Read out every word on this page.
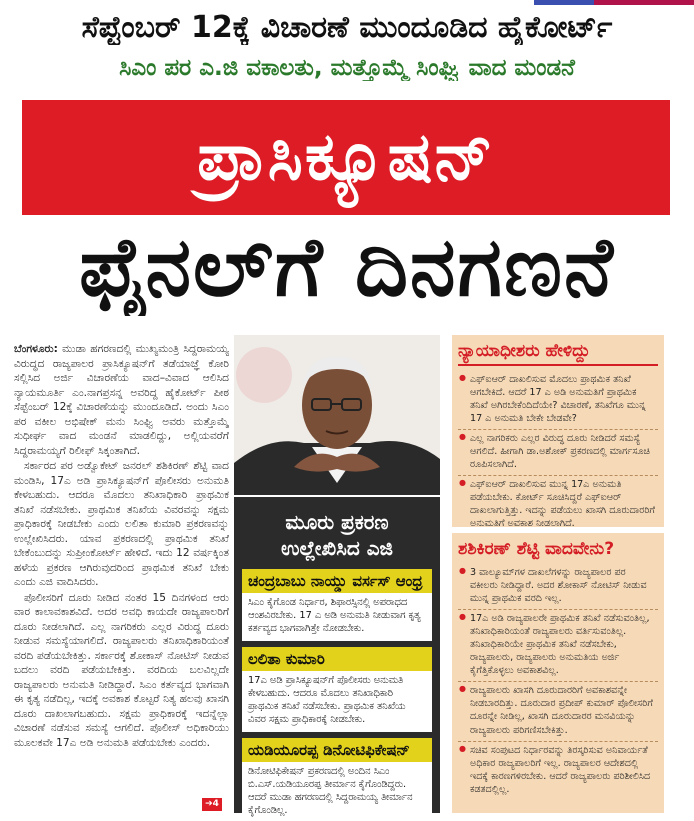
ಸೆಪ್ಟೆಂಬರ್ 12ಕ್ಕೆ ವಿಚಾರಣೆ ಮುಂದೂಡಿದ ಹೈಕೋರ್ಟ್
ಸಿಎಂ ಪರ ಎ.ಜಿ ವಕಾಲತು, ಮತ್ತೊಮ್ಮೆ ಸಿಂಘ್ವಿ ವಾದ ಮಂಡನೆ
ಪ್ರಾಸಿಕ್ಯೂಷನ್
ಫೈನಲ್‌ಗೆ ದಿನಗಣನೆ

ಬೆಂಗಳೂರು: ಮುಡಾ ಹಗರಣದಲ್ಲಿ ಮುಖ್ಯಮಂತ್ರಿ ಸಿದ್ದರಾಮಯ್ಯ ವಿರುದ್ಧದ ರಾಜ್ಯಪಾಲರ ಪ್ರಾಸಿಕ್ಯೂಷನ್‌ಗೆ ತಡೆಯಾಜ್ಞೆ ಕೋರಿ ಸಲ್ಲಿಸಿದ ಅರ್ಜಿ ವಿಚಾರಣೆಯ ವಾದ–ವಿವಾದ ಆಲಿಸಿದ ನ್ಯಾಯಮೂರ್ತಿ ಎಂ.ನಾಗಪ್ರಸನ್ನ ಅವರಿದ್ದ ಹೈಕೋರ್ಟ್ ಪೀಠ ಸೆಪ್ಟೆಂಬರ್ 12ಕ್ಕೆ ವಿಚಾರಣೆಯನ್ನು ಮುಂದೂಡಿದೆ. ಅಂದು ಸಿಎಂ ಪರ ವಕೀಲ ಅಭಿಷೇಕ್ ಮನು ಸಿಂಘ್ವಿ ಅವರು ಮತ್ತೊಮ್ಮೆ ಸುಧೀರ್ಘ ವಾದ ಮಂಡನೆ ಮಾಡಲಿದ್ದು, ಅಲ್ಲಿಯವರೆಗೆ ಸಿದ್ದರಾಮಯ್ಯಗೆ ರಿಲೀಫ್ ಸಿಕ್ಕಂತಾಗಿದೆ.

ಸರ್ಕಾರದ ಪರ ಅಡ್ವೊಕೇಟ್ ಜನರಲ್ ಶಶಿಕಿರಣ್ ಶೆಟ್ಟಿ ವಾದ ಮಂಡಿಸಿ, 17ಎ ಅಡಿ ಪ್ರಾಸಿಕ್ಯೂಷನ್‌ಗೆ ಪೊಲೀಸರು ಅನುಮತಿ ಕೇಳಬಹುದು. ಆದರೂ ಮೊದಲು ತನಿಖಾಧಿಕಾರಿ ಪ್ರಾಥಮಿಕ ತನಿಖೆ ನಡೆಸಬೇಕು. ಪ್ರಾಥಮಿಕ ತನಿಖೆಯ ವಿವರವನ್ನು ಸಕ್ಷಮ ಪ್ರಾಧಿಕಾರಕ್ಕೆ ನೀಡಬೇಕು ಎಂದು ಲಲಿತಾ ಕುಮಾರಿ ಪ್ರಕರಣವನ್ನು ಉಲ್ಲೇಖಿಸಿದರು. ಯಾವ ಪ್ರಕರಣದಲ್ಲಿ ಪ್ರಾಥಮಿಕ ತನಿಖೆ ಬೇಕೆಂಬುದನ್ನು ಸುಪ್ರೀಂಕೋರ್ಟ್ ಹೇಳಿದೆ. ಇದು 12 ವರ್ಷಕ್ಕಿಂತ ಹಳೆಯ ಪ್ರಕರಣ ಆಗಿರುವುದರಿಂದ ಪ್ರಾಥಮಿಕ ತನಿಖೆ ಬೇಕು ಎಂದು ಎಜಿ ವಾದಿಸಿದರು.

ಪೊಲೀಸರಿಗೆ ದೂರು ನೀಡಿದ ನಂತರ 15 ದಿನಗಳಂದ ಆರು ವಾರ ಕಾಲಾವಕಾಶವಿದೆ. ಅದರ ಅವಧಿ ಕಾಯದೇ ರಾಜ್ಯಪಾಲರಿಗೆ ದೂರು ನೀಡಲಾಗಿದೆ. ಎಲ್ಲ ನಾಗರಿಕರು ಎಲ್ಲರ ವಿರುದ್ಧ ದೂರು ನೀಡುವ ಸಮಸ್ಯೆಯಾಗಲಿದೆ. ರಾಜ್ಯಪಾಲರು ತನಿಖಾಧಿಕಾರಿಯಂತೆ ವರದಿ ಪಡೆಯಬೇಕಿತ್ತು. ಸರ್ಕಾರಕ್ಕೆ ಶೋಕಾಸ್ ನೋಟಿಸ್ ನೀಡುವ ಬದಲು ವರದಿ ಪಡೆಯಬೇಕಿತ್ತು. ವರದಿಯ ಬಲವಿಲ್ಲದೇ ರಾಜ್ಯಪಾಲರು ಅನುಮತಿ ನೀಡಿದ್ದಾರೆ. ಸಿಎಂ ಕರ್ತವ್ಯದ ಭಾಗವಾಗಿ ಈ ಕೃತ್ಯ ನಡೆದಿಲ್ಲ, ಇದಕ್ಕೆ ಅವಕಾಶ ಕೊಟ್ಟರೆ ನಿತ್ಯ ಹಲವು ಖಾಸಗಿ ದೂರು ದಾಖಲಾಗಬಹುದು. ಸಕ್ಷಮ ಪ್ರಾಧಿಕಾರಕ್ಕೆ ಇದನ್ನೆಲ್ಲಾ ವಿಚಾರಣೆ ನಡೆಸುವ ಸಮಸ್ಯೆ ಆಗಲಿದೆ. ಪೊಲೀಸ್ ಅಧಿಕಾರಿಯು ಮೂಲಕವೇ 17ಎ ಅಡಿ ಅನುಮತಿ ಪಡೆಯಬೇಕು ಎಂದರು.

➔4
ಮೂರು ಪ್ರಕರಣ ಉಲ್ಲೇಖಿಸಿದ ಎಜಿ
ಚಂದ್ರಬಾಬು ನಾಯ್ಡು ವರ್ಸಸ್ ಆಂಧ್ರ
ಸಿಎಂ ಕೈಗೊಂಡ ನಿರ್ಧಾರ, ಶಿಫಾರಸ್ಸಿನಲ್ಲಿ ಅಪರಾಧದ ಆಂಶವಿರಬೇಕು. 17 ಎ ಅಡಿ ಅನುಮತಿ ನೀಡುವಾಗ ಕೃತ್ಯ ಕರ್ತವ್ಯದ ಭಾಗವಾಗಿತ್ತೇ ನೋಡಬೇಕು.
ಲಲಿತಾ ಕುಮಾರಿ
17ಎ ಅಡಿ ಪ್ರಾಸಿಕ್ಯೂಷನ್‌ಗೆ ಪೊಲೀಸರು ಅನುಮತಿ ಕೇಳಬಹುದು. ಆದರೂ ಮೊದಲು ತನಿಖಾಧಿಕಾರಿ ಪ್ರಾಥಮಿಕ ತನಿಖೆ ನಡೆಸಬೇಕು. ಪ್ರಾಥಮಿಕ ತನಿಖೆಯ ವಿವರ ಸಕ್ಷಮ ಪ್ರಾಧಿಕಾರಕ್ಕೆ ನೀಡಬೇಕು.
ಯಡಿಯೂರಪ್ಪ ಡಿನೋಟಿಫಿಕೇಷನ್
ಡಿನೋಟಿಫಿಕೇಷನ್ ಪ್ರಕರಣದಲ್ಲಿ ಅಂದಿನ ಸಿಎಂ ಬಿ.ಎಸ್.ಯಡಿಯೂರಪ್ಪ ತೀರ್ಮಾನ ಕೈಗೊಂಡಿದ್ದರು. ಆದರೆ ಮುಡಾ ಹಗರಣದಲ್ಲಿ ಸಿದ್ದರಾಮಯ್ಯ ತೀರ್ಮಾನ ಕೈಗೊಂಡಿಲ್ಲ.
ನ್ಯಾಯಾಧೀಶರು ಹೇಳಿದ್ದು
● ಎಫ್‌ಐಆರ್ ದಾಖಲಿಸುವ ಮೊದಲು ಪ್ರಾಥಮಿಕ ತನಿಖೆ ಆಗಬೇಕಿದೆ. ಆದರೆ 17 ಎ ಅಡಿ ಅನುಮತಿಗೆ ಪ್ರಾಥಮಿಕ ತನಿಖೆ ಅಗಿರಬೇಕೆಂದಿದೆಯೇ? ವಿಚಾರಣೆ, ತನಿಖೆಗೂ ಮುನ್ನ 17 ಎ ಅನುಮತಿ ಬೇಕೇ ಬೇಡವೇ?
● ಎಲ್ಲ ನಾಗರಿಕರು ಎಲ್ಲರ ವಿರುದ್ಧ ದೂರು ನೀಡಿದರೆ ಸಮಸ್ಯೆ ಆಗಲಿದೆ. ಹೀಗಾಗಿ ಡಾ.ಅಶೋಕ್ ಪ್ರಕರಣದಲ್ಲಿ ಮಾರ್ಗಸೂಚಿ ರೂಪಿಸಲಾಗಿದೆ.
● ಎಫ್‌ಐಆರ್ ದಾಖಲಿಸುವ ಮುನ್ನ 17ಎ ಅನುಮತಿ ಪಡೆಯಬೇಕು. ಕೋರ್ಟ್ ಸೂಚಿಸಿದ್ದರೆ ಎಫ್‌ಐಆರ್ ದಾಖಲಾಗುತ್ತಿತ್ತು. ಇದನ್ನು ಪಡೆಯಲು ಖಾಸಗಿ ದೂರುದಾರರಿಗೆ ಅನುಮತಿಗೆ ಅವಕಾಶ ನೀಡಲಾಗಿದೆ.
ಶಶಿಕಿರಣ್ ಶೆಟ್ಟಿ ವಾದವೇನು?
● 3 ವಾಲ್ಯೂಮ್‌ಗಳ ದಾಖಲೆಗಳನ್ನು ರಾಜ್ಯಪಾಲರ ಪರ ವಕೀಲರು ನೀಡಿದ್ದಾರೆ. ಅದರ ಶೋಕಾಸ್ ನೋಟಿಸ್ ನೀಡುವ ಮುನ್ನ ಪ್ರಾಥಮಿಕ ವರದಿ ಇಲ್ಲ.
● 17ಎ ಅಡಿ ರಾಜ್ಯಪಾಲರೇ ಪ್ರಾಥಮಿಕ ತನಿಖೆ ನಡೆಸುವಂತಿಲ್ಲ, ತನಿಖಾಧಿಕಾರಿಯಂತೆ ರಾಜ್ಯಪಾಲರು ವರ್ತಿಸುವಂತಿಲ್ಲ. ತನಿಖಾಧಿಕಾರಿಯೇ ಪ್ರಾಥಮಿಕ ತನಿಖೆ ನಡೆಸಬೇಕು, ರಾಜ್ಯಪಾಲರು, ರಾಜ್ಯಪಾಲರು ಅನುಮತಿಯ ಅರ್ಜಿ ಕೈಗೆತ್ತಿಕೊಳ್ಳಲು ಅವಕಾಶವಿಲ್ಲ.
● ರಾಜ್ಯಪಾಲರು ಖಾಸಗಿ ದೂರುದಾರರಿಗೆ ಅವಕಾಶವನ್ನೇ ನೀಡಬಾರದಿತ್ತು. ದೂರುದಾರ ಪ್ರದೀಪ್ ಕುಮಾರ್ ಪೊಲೀಸರಿಗೆ ದೂರನ್ನೇ ನೀಡಿಲ್ಲ, ಖಾಸಗಿ ದೂರುದಾರರ ಮನವಿಯನ್ನು ರಾಜ್ಯಪಾಲರು ಪರಿಗಣಿಸಬೇಕಿತ್ತು.
● ಸಚಿವ ಸಂಪುಟದ ನಿರ್ಧಾರವನ್ನು ತಿರಸ್ಕರಿಸುವ ಅನಿವಾರ್ಯತೆ ಅಧಿಕಾರ ರಾಜ್ಯಪಾಲರಿಗೆ ಇಲ್ಲ. ರಾಜ್ಯಪಾಲರ ಆದೇಶದಲ್ಲಿ ಇದಕ್ಕೆ ಕಾರಣಗಳಿರಬೇಕು. ಆದರೆ ರಾಜ್ಯಪಾಲರು ಪರಿಶೀಲಿಸಿದ ಕಡತದಲ್ಲಿಲ್ಲ.
